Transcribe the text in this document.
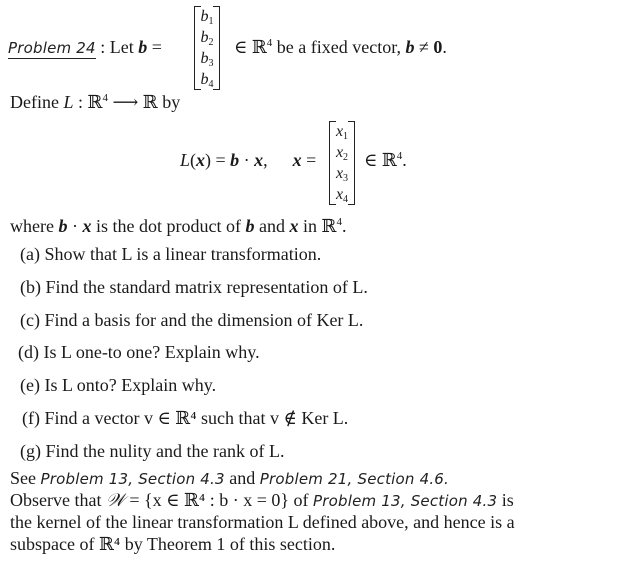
Problem 24 : Let b =
$b_1$
$b_2$
$b_3$
$b_4$
∈ ℝ$^4$ be a fixed vector, b ≠ 0.
Define L : ℝ$^4$ ⟶ ℝ by
L(x) = b · x, x =
$x_1$
$x_2$
$x_3$
$x_4$
∈ ℝ$^4$.
where b · x is the dot product of b and x in ℝ$^4$.
(a) Show that L is a linear transformation.
(b) Find the standard matrix representation of L.
(c) Find a basis for and the dimension of Ker L.
(d) Is L one-to one? Explain why.
(e) Is L onto? Explain why.
(f) Find a vector v ∈ ℝ⁴ such that v ∉ Ker L.
(g) Find the nulity and the rank of L.
See Problem 13, Section 4.3 and Problem 21, Section 4.6.
Observe that 𝒲 = {x ∈ ℝ⁴ : b · x = 0} of Problem 13, Section 4.3 is
the kernel of the linear transformation L defined above, and hence is a
subspace of ℝ⁴ by Theorem 1 of this section.
